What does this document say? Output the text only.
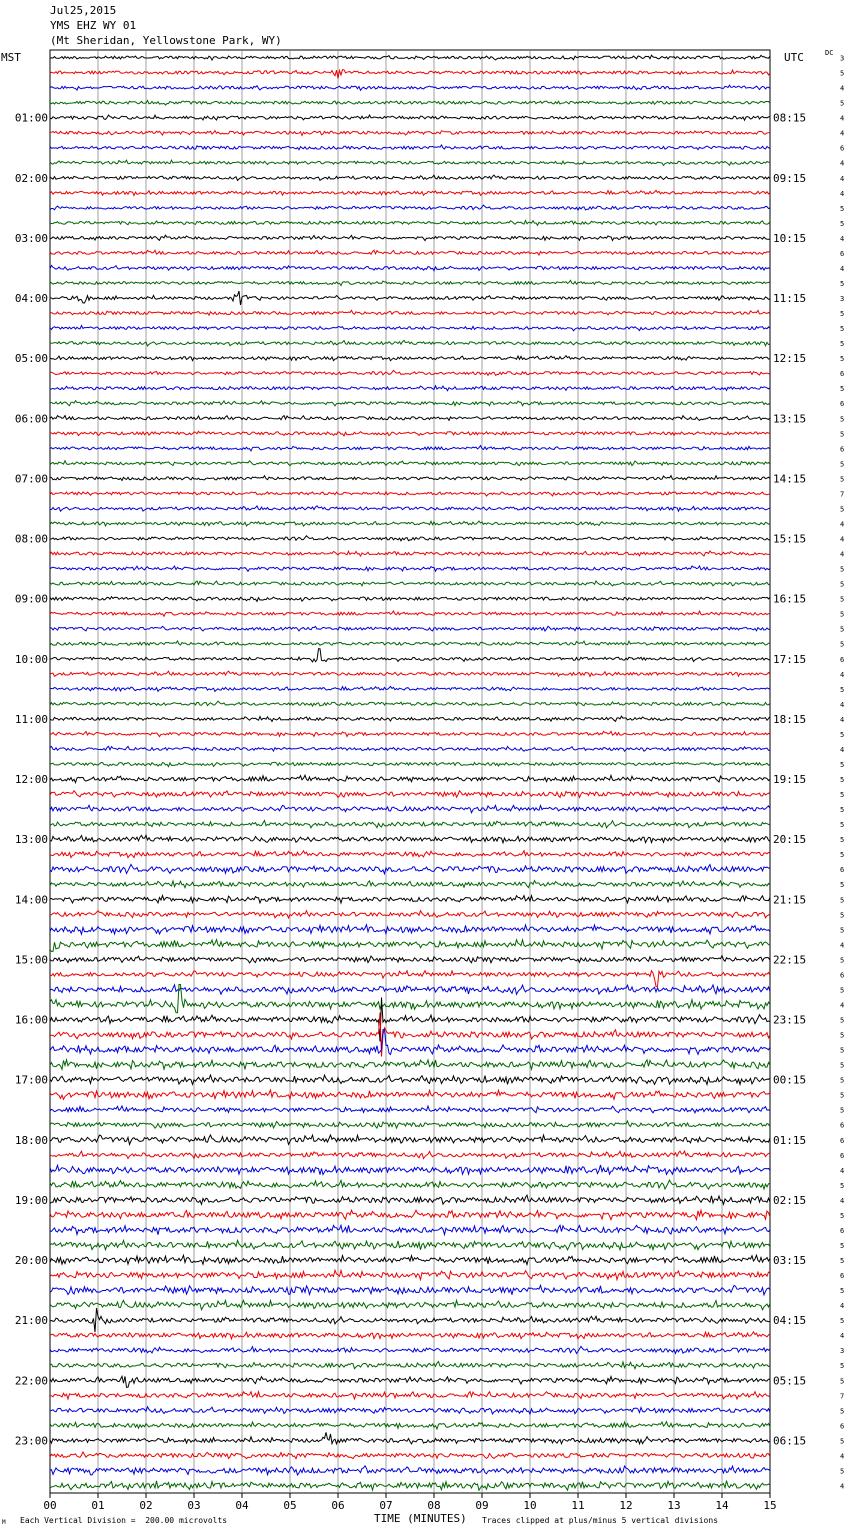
Jul25,2015
YMS EHZ WY 01
(Mt Sheridan, Yellowstone Park, WY)
MST	UTC	DC
01:00
02:00
03:00
04:00
05:00
06:00
07:00
08:00
09:00
10:00
11:00
12:00
13:00
14:00
15:00
16:00
17:00
18:00
19:00
20:00
21:00
22:00
23:00
08:15
09:15
10:15
11:15
12:15
13:15
14:15
15:15
16:15
17:15
18:15
19:15
20:15
21:15
22:15
23:15
00:15
01:15
02:15
03:15
04:15
05:15
06:15
3
5
4
5
4
4
6
4
4
4
5
5
4
6
4
5
3
5
5
5
5
6
5
6
5
5
6
5
5
7
5
4
4
4
5
5
5
5
5
5
6
4
5
4
4
5
4
5
5
5
5
5
5
5
6
5
5
5
5
4
5
6
5
4
5
5
5
5
5
5
5
6
6
6
4
5
4
5
6
5
5
6
5
4
5
4
3
5
5
7
5
6
5
4
5
4
00	01	02	03	04	05	06	07	08	09	10	11	12	13	14	15
TIME (MINUTES)
Each Vertical Division =  200.00 microvolts	Traces clipped at plus/minus 5 vertical divisions
M
